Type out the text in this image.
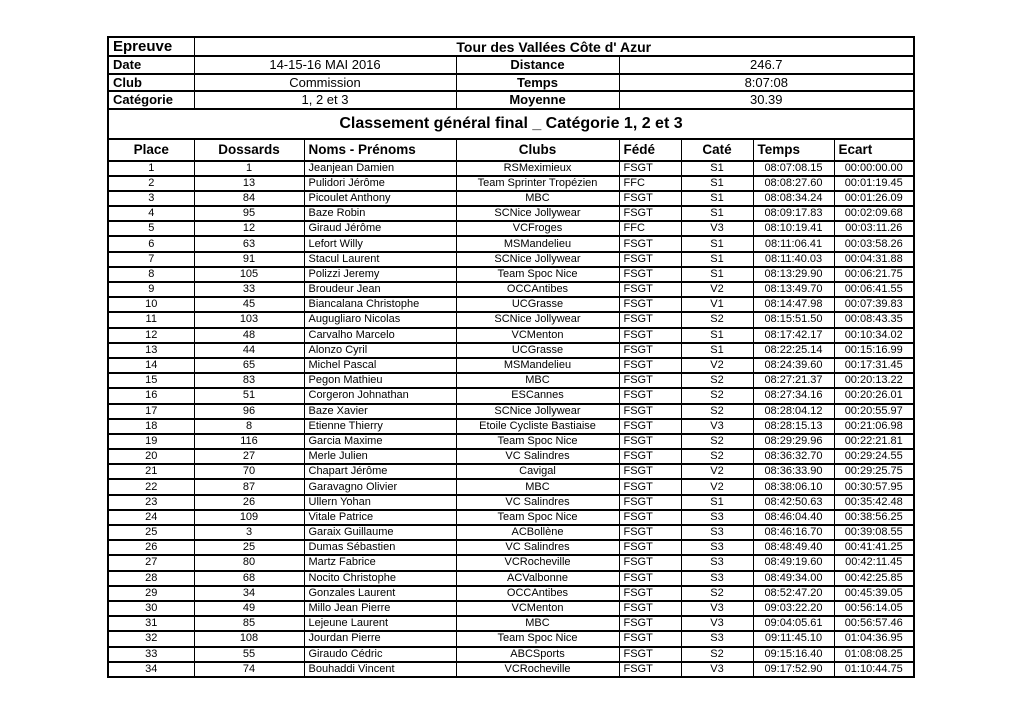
Epreuve	Tour des Vallées Côte d' Azur						
Date	14-15-16 MAI 2016		Distance	246.7			
Club	Commission		Temps	8:07:08			
Catégorie	1, 2 et 3		Moyenne	30.39			
Classement général final _ Catégorie 1, 2 et 3							
Place	Dossards	Noms - Prénoms	Clubs	Fédé	Caté	Temps	Ecart
1	1	Jeanjean Damien	RSMeximieux	FSGT	S1	08:07:08.15	00:00:00.00
2	13	Pulidori Jérôme	Team Sprinter Tropézien	FFC	S1	08:08:27.60	00:01:19.45
3	84	Picoulet Anthony	MBC	FSGT	S1	08:08:34.24	00:01:26.09
4	95	Baze Robin	SCNice Jollywear	FSGT	S1	08:09:17.83	00:02:09.68
5	12	Giraud Jérôme	VCFroges	FFC	V3	08:10:19.41	00:03:11.26
6	63	Lefort Willy	MSMandelieu	FSGT	S1	08:11:06.41	00:03:58.26
7	91	Stacul Laurent	SCNice Jollywear	FSGT	S1	08:11:40.03	00:04:31.88
8	105	Polizzi Jeremy	Team Spoc Nice	FSGT	S1	08:13:29.90	00:06:21.75
9	33	Broudeur Jean	OCCAntibes	FSGT	V2	08:13:49.70	00:06:41.55
10	45	Biancalana Christophe	UCGrasse	FSGT	V1	08:14:47.98	00:07:39.83
11	103	Augugliaro Nicolas	SCNice Jollywear	FSGT	S2	08:15:51.50	00:08:43.35
12	48	Carvalho Marcelo	VCMenton	FSGT	S1	08:17:42.17	00:10:34.02
13	44	Alonzo Cyril	UCGrasse	FSGT	S1	08:22:25.14	00:15:16.99
14	65	Michel Pascal	MSMandelieu	FSGT	V2	08:24:39.60	00:17:31.45
15	83	Pegon Mathieu	MBC	FSGT	S2	08:27:21.37	00:20:13.22
16	51	Corgeron Johnathan	ESCannes	FSGT	S2	08:27:34.16	00:20:26.01
17	96	Baze Xavier	SCNice Jollywear	FSGT	S2	08:28:04.12	00:20:55.97
18	8	Etienne Thierry	Etoile Cycliste Bastiaise	FSGT	V3	08:28:15.13	00:21:06.98
19	116	Garcia Maxime	Team Spoc Nice	FSGT	S2	08:29:29.96	00:22:21.81
20	27	Merle Julien	VC Salindres	FSGT	S2	08:36:32.70	00:29:24.55
21	70	Chapart Jérôme	Cavigal	FSGT	V2	08:36:33.90	00:29:25.75
22	87	Garavagno Olivier	MBC	FSGT	V2	08:38:06.10	00:30:57.95
23	26	Ullern Yohan	VC Salindres	FSGT	S1	08:42:50.63	00:35:42.48
24	109	Vitale Patrice	Team Spoc Nice	FSGT	S3	08:46:04.40	00:38:56.25
25	3	Garaix Guillaume	ACBollène	FSGT	S3	08:46:16.70	00:39:08.55
26	25	Dumas Sébastien	VC Salindres	FSGT	S3	08:48:49.40	00:41:41.25
27	80	Martz Fabrice	VCRocheville	FSGT	S3	08:49:19.60	00:42:11.45
28	68	Nocito Christophe	ACValbonne	FSGT	S3	08:49:34.00	00:42:25.85
29	34	Gonzales Laurent	OCCAntibes	FSGT	S2	08:52:47.20	00:45:39.05
30	49	Millo Jean Pierre	VCMenton	FSGT	V3	09:03:22.20	00:56:14.05
31	85	Lejeune Laurent	MBC	FSGT	V3	09:04:05.61	00:56:57.46
32	108	Jourdan Pierre	Team Spoc Nice	FSGT	S3	09:11:45.10	01:04:36.95
33	55	Giraudo Cédric	ABCSports	FSGT	S2	09:15:16.40	01:08:08.25
34	74	Bouhaddi Vincent	VCRocheville	FSGT	V3	09:17:52.90	01:10:44.75
